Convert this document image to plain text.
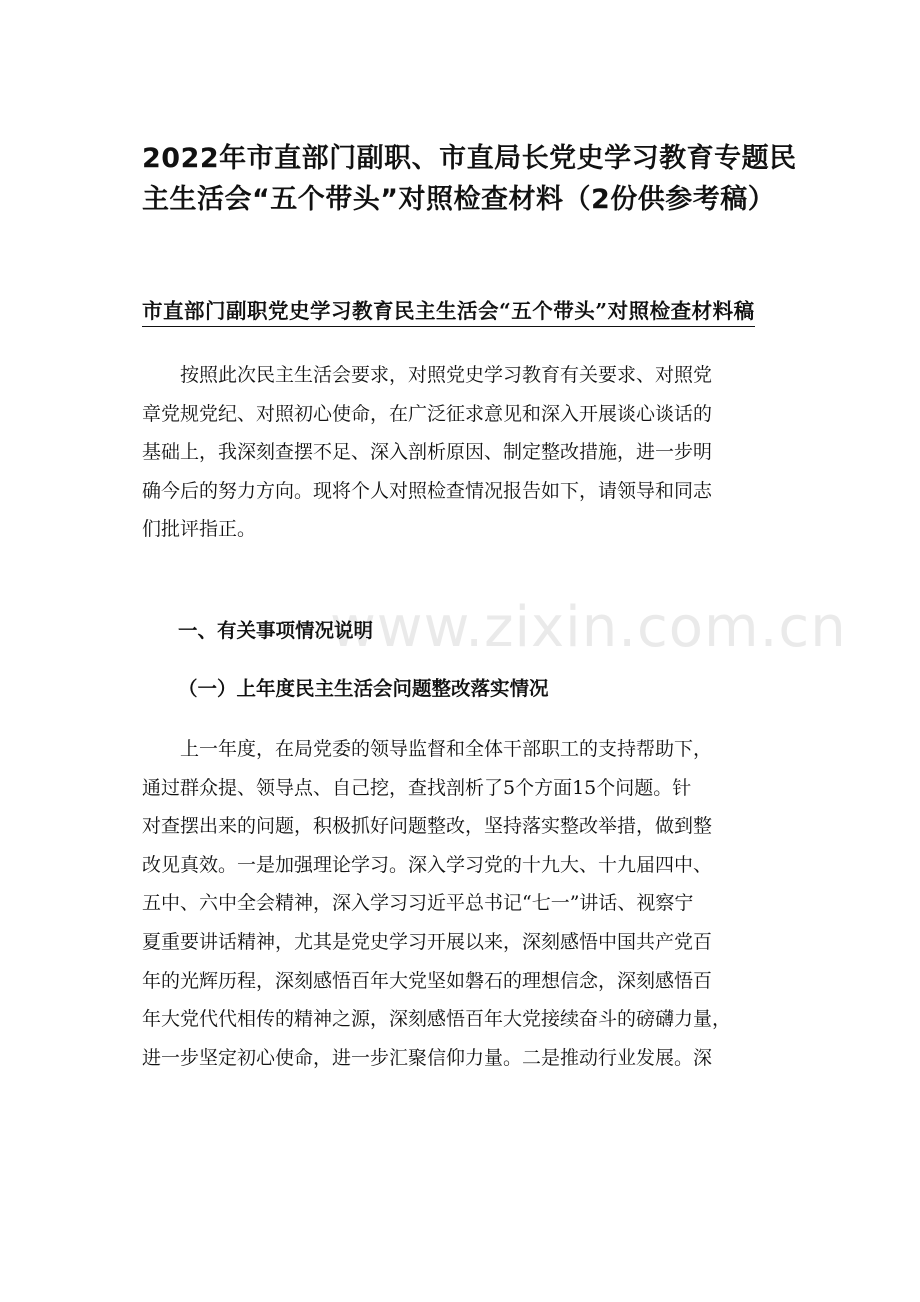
www.zixin.com.cn
2022年市直部门副职、市直局长党史学习教育专题民
主生活会“五个带头”对照检查材料（2份供参考稿）
市直部门副职党史学习教育民主生活会“五个带头”对照检查材料稿
　　按照此次民主生活会要求，对照党史学习教育有关要求、对照党
章党规党纪、对照初心使命，在广泛征求意见和深入开展谈心谈话的
基础上，我深刻查摆不足、深入剖析原因、制定整改措施，进一步明
确今后的努力方向。现将个人对照检查情况报告如下，请领导和同志
们批评指正。
一、有关事项情况说明
（一）上年度民主生活会问题整改落实情况
　　上一年度，在局党委的领导监督和全体干部职工的支持帮助下，
通过群众提、领导点、自己挖，查找剖析了5个方面15个问题。针
对查摆出来的问题，积极抓好问题整改，坚持落实整改举措，做到整
改见真效。一是加强理论学习。深入学习党的十九大、十九届四中、
五中、六中全会精神，深入学习习近平总书记“七一”讲话、视察宁
夏重要讲话精神，尤其是党史学习开展以来，深刻感悟中国共产党百
年的光辉历程，深刻感悟百年大党坚如磐石的理想信念，深刻感悟百
年大党代代相传的精神之源，深刻感悟百年大党接续奋斗的磅礴力量，
进一步坚定初心使命，进一步汇聚信仰力量。二是推动行业发展。深
